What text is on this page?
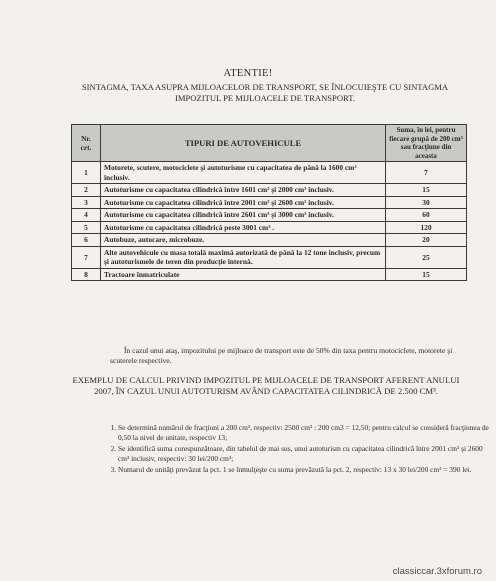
ATENTIE!
SINTAGMA, TAXA ASUPRA MIJLOACELOR DE TRANSPORT, SE ÎNLOCUIEŞTE CU SINTAGMA IMPOZITUL PE MIJLOACELE DE TRANSPORT.
Nr. crt.	TIPURI DE AUTOVEHICULE	Suma, în lei, pentru fiecare grupă de 200 cm³ sau fracţiune din aceasta
1	Motorete, scutere, motociclete şi autoturisme cu capacitatea de până la 1600 cm³ inclusiv.	7
2	Autoturisme cu capacitatea cilindrică între 1601 cm³ şi 2000 cm³ inclusiv.	15
3	Autoturisme cu capacitatea cilindrică între 2001 cm³ şi 2600 cm³ inclusiv.	30
4	Autoturisme cu capacitatea cilindrică între 2601 cm³ şi 3000 cm³ inclusiv.	60
5	Autoturisme cu capacitatea cilindrică peste 3001 cm³ .	120
6	Autobuze, autocare, microbuze.	20
7	Alte autovehicule cu masa totală maximă autorizată de până la 12 tone inclusiv, precum şi autoturismele de teren din producţie internă.	25
8	Tractoare înmatriculate	15
În cazul unui ataş, impozitului pe mijloace de transport este de 50% din taxa pentru motociclete, motorete şi scuterele respective.
EXEMPLU DE CALCUL PRIVIND IMPOZITUL PE MIJLOACELE DE TRANSPORT AFERENT ANULUI 2007, ÎN CAZUL UNUI AUTOTURISM AVÂND CAPACITATEA CILINDRICĂ DE 2.500 CM³.
1. Se determină numărul de fracţiuni a 200 cm³, respectiv: 2500 cm³ : 200 cm3 = 12,50; pentru calcul se consideră fracţiunea de 0,50 la nivel de unitate, respectiv 13;
2. Se identifică suma corespunzătoare, din tabelul de mai sus, unui autoturism cu capacitatea cilindrică între 2001 cm³ şi 2600 cm³ inclusiv, respectiv: 30 lei/200 cm³;
3. Numarul de unităţi prevăzut la pct. 1 se înmulţeşte cu suma prevăzută la pct. 2, respectiv: 13 x 30 lei/200 cm³ = 390 lei.
classiccar.3xforum.ro
